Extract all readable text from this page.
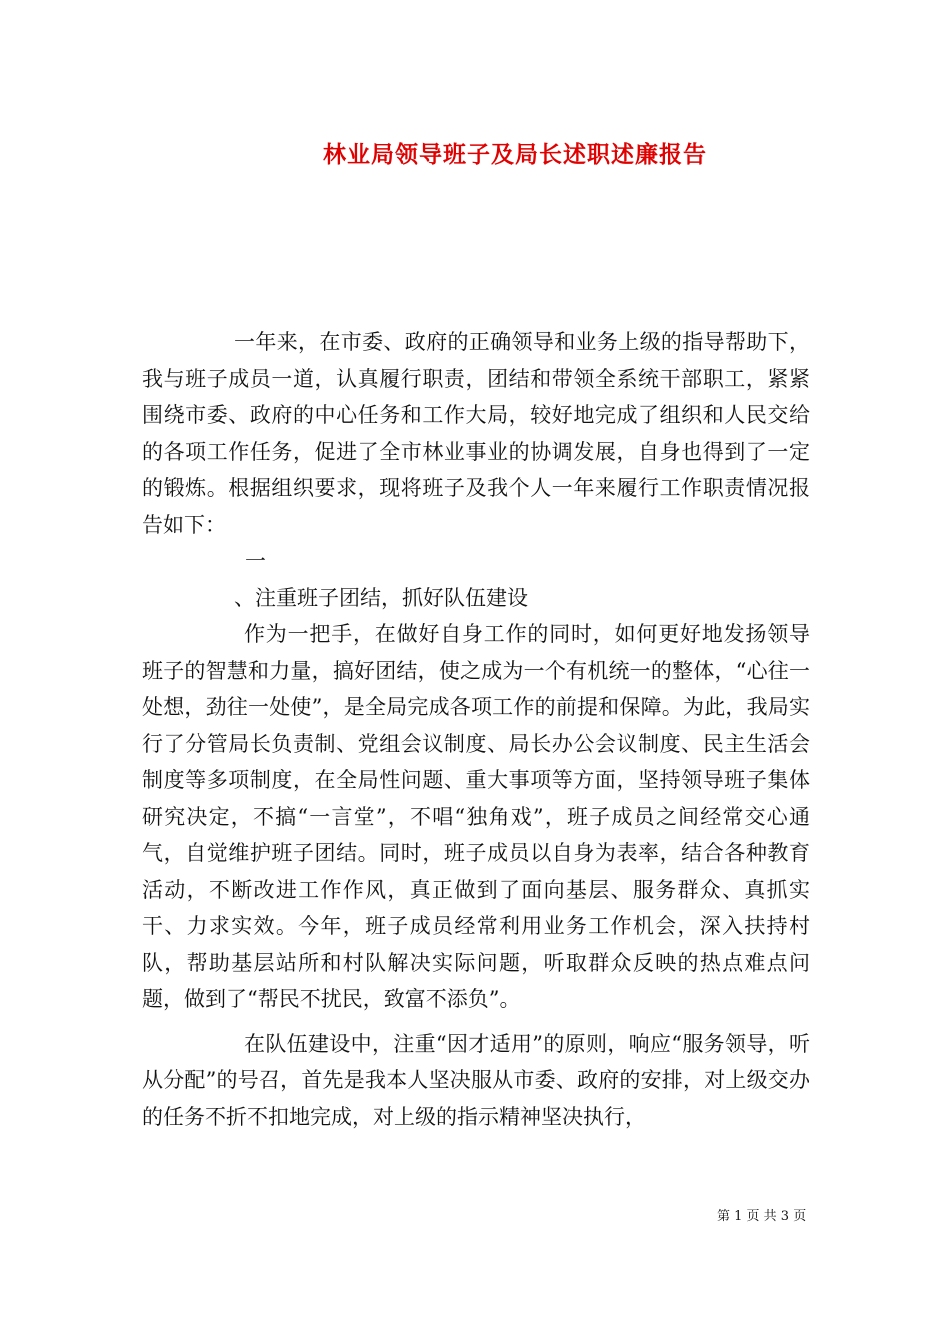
林业局领导班子及局长述职述廉报告

一年来，在市委、政府的正确领导和业务上级的指导帮助下，我与班子成员一道，认真履行职责，团结和带领全系统干部职工，紧紧围绕市委、政府的中心任务和工作大局，较好地完成了组织和人民交给的各项工作任务，促进了全市林业事业的协调发展，自身也得到了一定的锻炼。根据组织要求，现将班子及我个人一年来履行工作职责情况报告如下：

一

、注重班子团结，抓好队伍建设

作为一把手，在做好自身工作的同时，如何更好地发扬领导班子的智慧和力量，搞好团结，使之成为一个有机统一的整体，“心往一处想，劲往一处使”，是全局完成各项工作的前提和保障。为此，我局实行了分管局长负责制、党组会议制度、局长办公会议制度、民主生活会制度等多项制度，在全局性问题、重大事项等方面，坚持领导班子集体研究决定，不搞“一言堂”，不唱“独角戏”，班子成员之间经常交心通气，自觉维护班子团结。同时，班子成员以自身为表率，结合各种教育活动，不断改进工作作风，真正做到了面向基层、服务群众、真抓实干、力求实效。今年，班子成员经常利用业务工作机会，深入扶持村队，帮助基层站所和村队解决实际问题，听取群众反映的热点难点问题，做到了“帮民不扰民，致富不添负”。

在队伍建设中，注重“因才适用”的原则，响应“服务领导，听从分配”的号召，首先是我本人坚决服从市委、政府的安排，对上级交办的任务不折不扣地完成，对上级的指示精神坚决执行，

第 1 页 共 3 页
